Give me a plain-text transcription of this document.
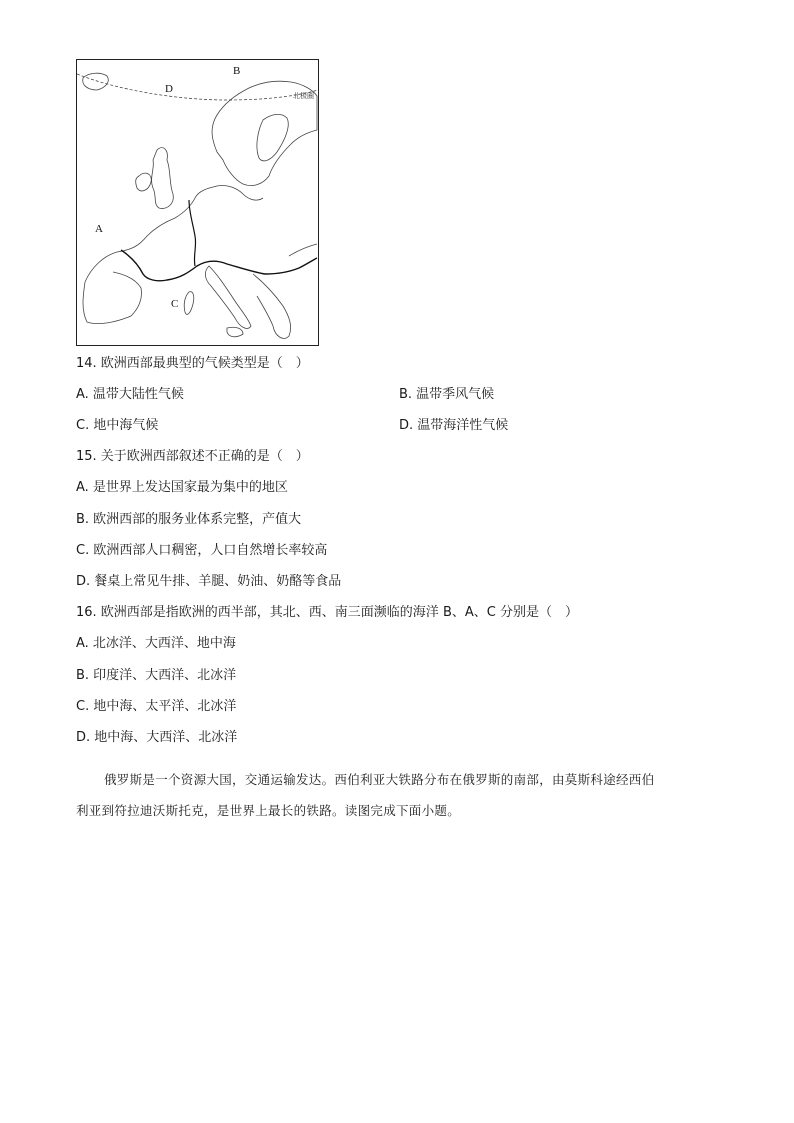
B
D
A
C
北极圈
14. 欧洲西部最典型的气候类型是（　）
A. 温带大陆性气候	B. 温带季风气候
C. 地中海气候	D. 温带海洋性气候
15. 关于欧洲西部叙述不正确的是（　）
A. 是世界上发达国家最为集中的地区
B. 欧洲西部的服务业体系完整，产值大
C. 欧洲西部人口稠密，人口自然增长率较高
D. 餐桌上常见牛排、羊腿、奶油、奶酪等食品
16. 欧洲西部是指欧洲的西半部，其北、西、南三面濒临的海洋 B、A、C 分别是（　）
A. 北冰洋、大西洋、地中海
B. 印度洋、大西洋、北冰洋
C. 地中海、太平洋、北冰洋
D. 地中海、大西洋、北冰洋
俄罗斯是一个资源大国，交通运输发达。西伯利亚大铁路分布在俄罗斯的南部，由莫斯科途经西伯
利亚到符拉迪沃斯托克，是世界上最长的铁路。读图完成下面小题。
